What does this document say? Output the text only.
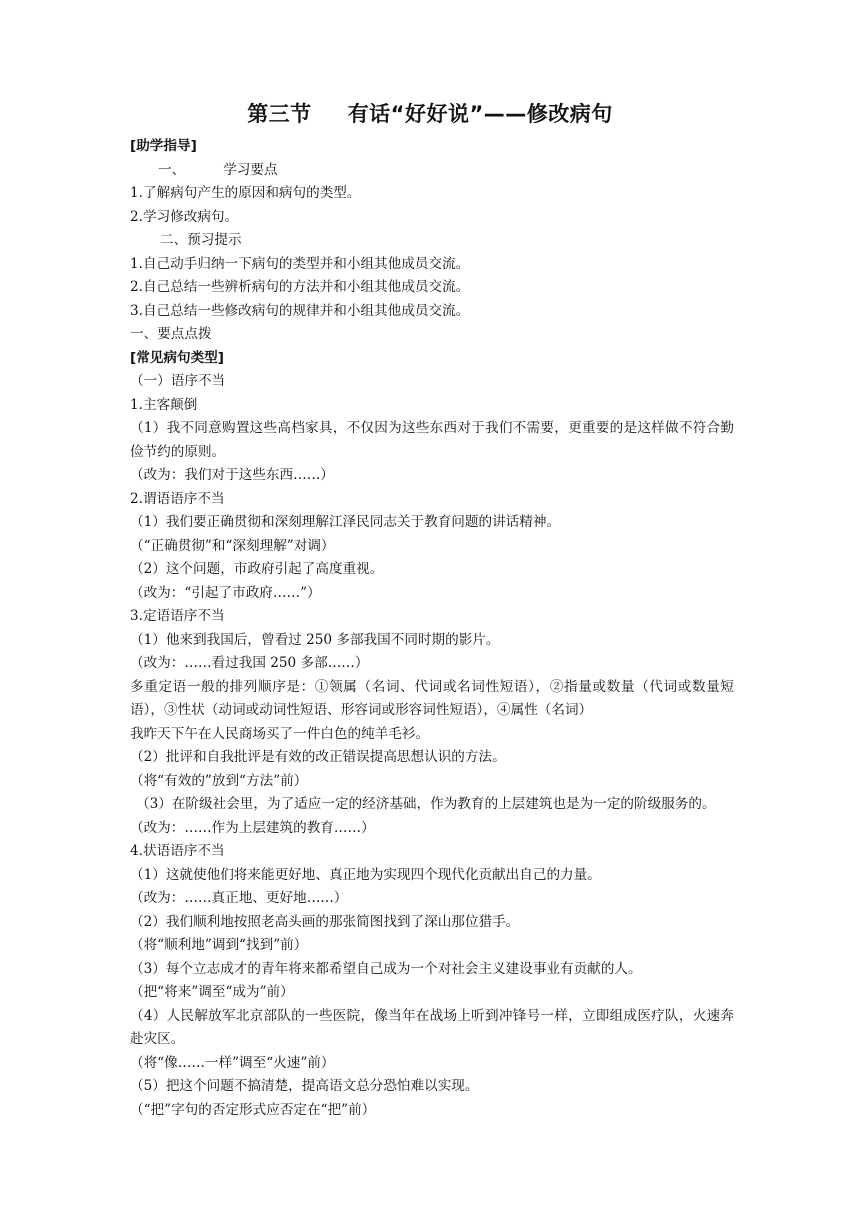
第三节 有话“好好说”——修改病句
[助学指导]
一、	学习要点
1.了解病句产生的原因和病句的类型。
2.学习修改病句。
二、预习提示
1.自己动手归纳一下病句的类型并和小组其他成员交流。
2.自己总结一些辨析病句的方法并和小组其他成员交流。
3.自己总结一些修改病句的规律并和小组其他成员交流。
一、要点点拨
[常见病句类型]
（一）语序不当
1.主客颠倒
（1）我不同意购置这些高档家具，不仅因为这些东西对于我们不需要，更重要的是这样做不符合勤俭节约的原则。
（改为：我们对于这些东西……）
2.谓语语序不当
（1）我们要正确贯彻和深刻理解江泽民同志关于教育问题的讲话精神。
（“正确贯彻”和“深刻理解”对调）
（2）这个问题，市政府引起了高度重视。
（改为：“引起了市政府……”）
3.定语语序不当
（1）他来到我国后，曾看过 250 多部我国不同时期的影片。
（改为：……看过我国 250 多部……）
多重定语一般的排列顺序是：①领属（名词、代词或名词性短语），②指量或数量（代词或数量短语），③性状（动词或动词性短语、形容词或形容词性短语），④属性（名词）
我昨天下午在人民商场买了一件白色的纯羊毛衫。
（2）批评和自我批评是有效的改正错误提高思想认识的方法。
（将“有效的”放到“方法”前）
（3）在阶级社会里，为了适应一定的经济基础，作为教育的上层建筑也是为一定的阶级服务的。
（改为：……作为上层建筑的教育……）
4.状语语序不当
（1）这就使他们将来能更好地、真正地为实现四个现代化贡献出自己的力量。
（改为：……真正地、更好地……）
（2）我们顺利地按照老高头画的那张简图找到了深山那位猎手。
（将“顺利地”调到“找到”前）
（3）每个立志成才的青年将来都希望自己成为一个对社会主义建设事业有贡献的人。
（把“将来”调至“成为”前）
（4）人民解放军北京部队的一些医院，像当年在战场上听到冲锋号一样，立即组成医疗队，火速奔赴灾区。
（将“像……一样”调至“火速”前）
（5）把这个问题不搞清楚，提高语文总分恐怕难以实现。
（“把”字句的否定形式应否定在“把”前）
